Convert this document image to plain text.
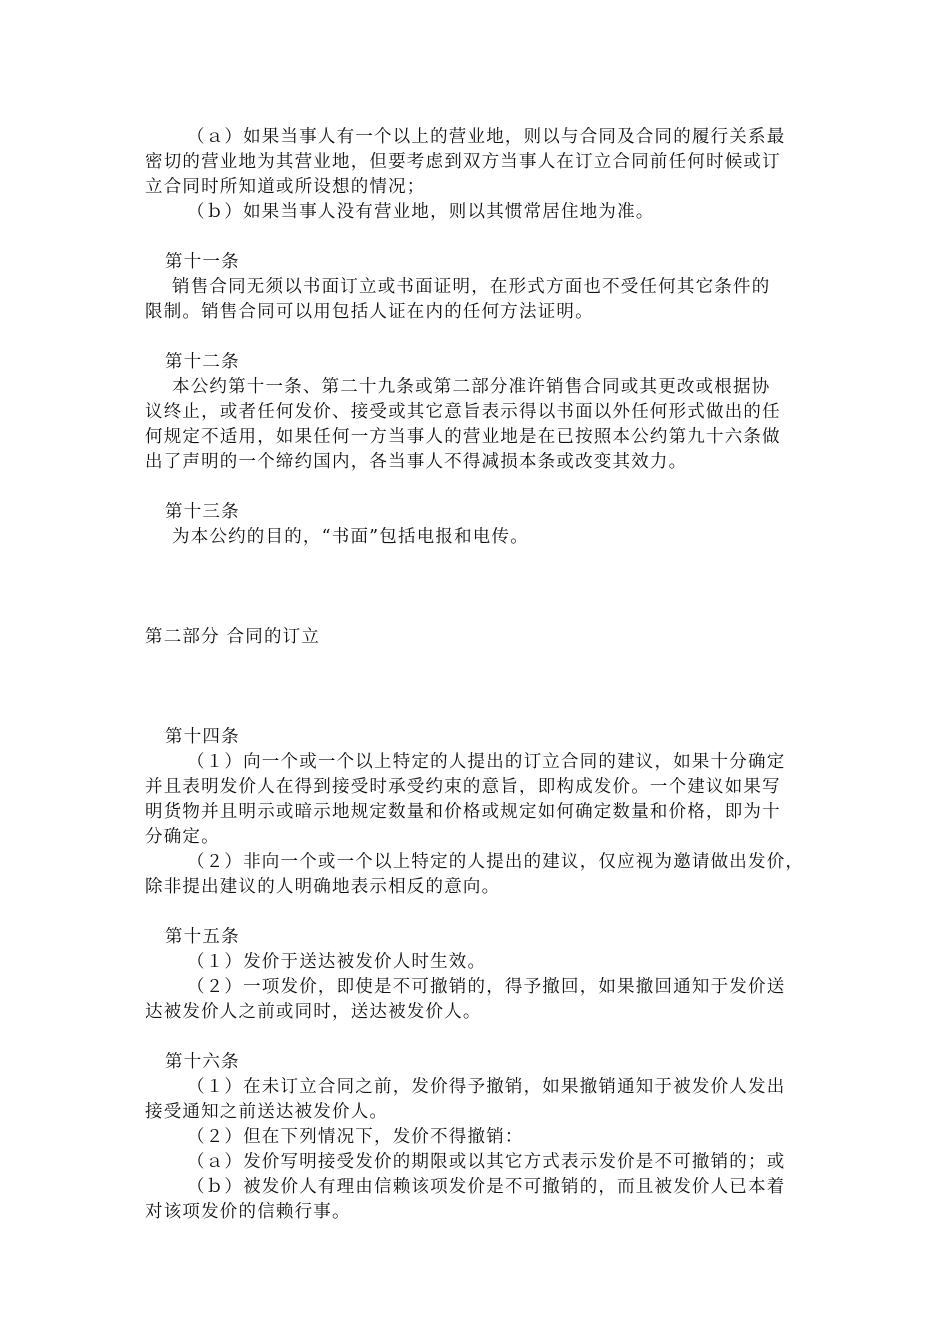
（ａ）如果当事人有一个以上的营业地，则以与合同及合同的履行关系最
密切的营业地为其营业地，但要考虑到双方当事人在订立合同前任何时候或订
立合同时所知道或所设想的情况；
（ｂ）如果当事人没有营业地，则以其惯常居住地为准。
第十一条
销售合同无须以书面订立或书面证明，在形式方面也不受任何其它条件的
限制。销售合同可以用包括人证在内的任何方法证明。
第十二条
本公约第十一条、第二十九条或第二部分准许销售合同或其更改或根据协
议终止，或者任何发价、接受或其它意旨表示得以书面以外任何形式做出的任
何规定不适用，如果任何一方当事人的营业地是在已按照本公约第九十六条做
出了声明的一个缔约国内，各当事人不得减损本条或改变其效力。
第十三条
为本公约的目的，“书面”包括电报和电传。
第二部分 合同的订立
第十四条
（１）向一个或一个以上特定的人提出的订立合同的建议，如果十分确定
并且表明发价人在得到接受时承受约束的意旨，即构成发价。一个建议如果写
明货物并且明示或暗示地规定数量和价格或规定如何确定数量和价格，即为十
分确定。
（２）非向一个或一个以上特定的人提出的建议，仅应视为邀请做出发价，
除非提出建议的人明确地表示相反的意向。
第十五条
（１）发价于送达被发价人时生效。
（２）一项发价，即使是不可撤销的，得予撤回，如果撤回通知于发价送
达被发价人之前或同时，送达被发价人。
第十六条
（１）在未订立合同之前，发价得予撤销，如果撤销通知于被发价人发出
接受通知之前送达被发价人。
（２）但在下列情况下，发价不得撤销：
（ａ）发价写明接受发价的期限或以其它方式表示发价是不可撤销的；或
（ｂ）被发价人有理由信赖该项发价是不可撤销的，而且被发价人已本着
对该项发价的信赖行事。
